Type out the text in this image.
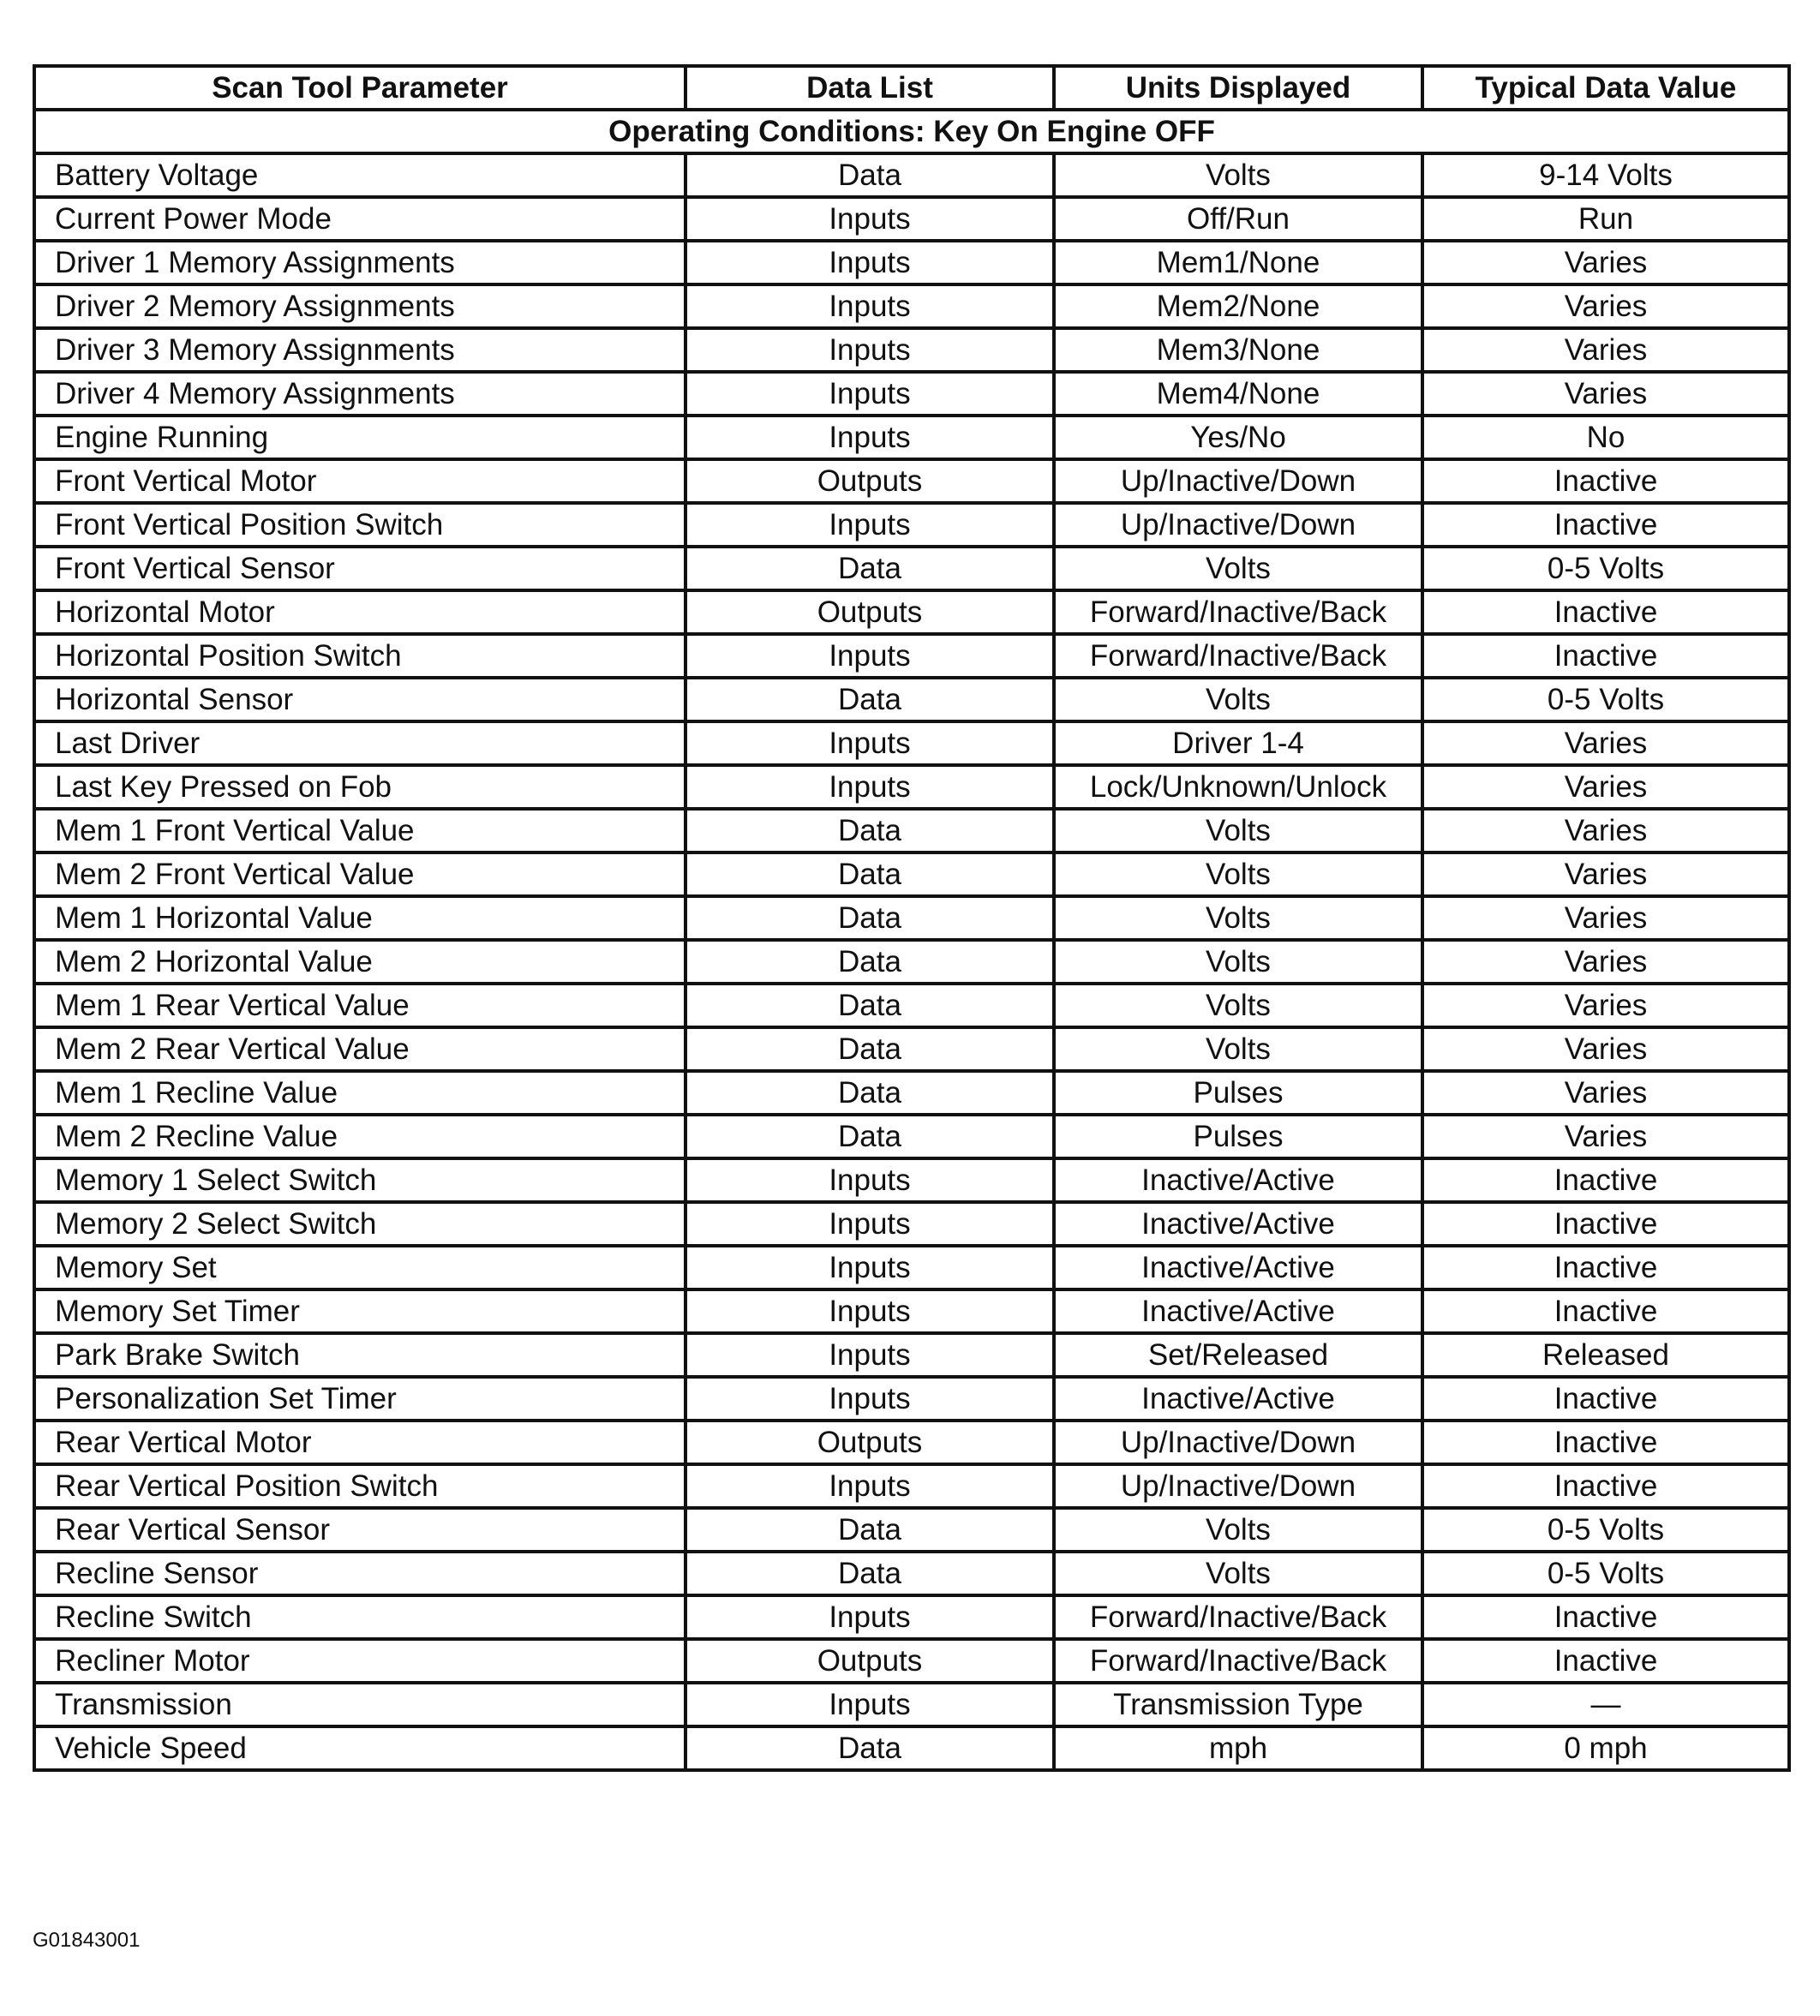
Scan Tool Parameter	Data List	Units Displayed	Typical Data Value
Operating Conditions: Key On Engine OFF			
Battery Voltage	Data	Volts	9-14 Volts
Current Power Mode	Inputs	Off/Run	Run
Driver 1 Memory Assignments	Inputs	Mem1/None	Varies
Driver 2 Memory Assignments	Inputs	Mem2/None	Varies
Driver 3 Memory Assignments	Inputs	Mem3/None	Varies
Driver 4 Memory Assignments	Inputs	Mem4/None	Varies
Engine Running	Inputs	Yes/No	No
Front Vertical Motor	Outputs	Up/Inactive/Down	Inactive
Front Vertical Position Switch	Inputs	Up/Inactive/Down	Inactive
Front Vertical Sensor	Data	Volts	0-5 Volts
Horizontal Motor	Outputs	Forward/Inactive/Back	Inactive
Horizontal Position Switch	Inputs	Forward/Inactive/Back	Inactive
Horizontal Sensor	Data	Volts	0-5 Volts
Last Driver	Inputs	Driver 1-4	Varies
Last Key Pressed on Fob	Inputs	Lock/Unknown/Unlock	Varies
Mem 1 Front Vertical Value	Data	Volts	Varies
Mem 2 Front Vertical Value	Data	Volts	Varies
Mem 1 Horizontal Value	Data	Volts	Varies
Mem 2 Horizontal Value	Data	Volts	Varies
Mem 1 Rear Vertical Value	Data	Volts	Varies
Mem 2 Rear Vertical Value	Data	Volts	Varies
Mem 1 Recline Value	Data	Pulses	Varies
Mem 2 Recline Value	Data	Pulses	Varies
Memory 1 Select Switch	Inputs	Inactive/Active	Inactive
Memory 2 Select Switch	Inputs	Inactive/Active	Inactive
Memory Set	Inputs	Inactive/Active	Inactive
Memory Set Timer	Inputs	Inactive/Active	Inactive
Park Brake Switch	Inputs	Set/Released	Released
Personalization Set Timer	Inputs	Inactive/Active	Inactive
Rear Vertical Motor	Outputs	Up/Inactive/Down	Inactive
Rear Vertical Position Switch	Inputs	Up/Inactive/Down	Inactive
Rear Vertical Sensor	Data	Volts	0-5 Volts
Recline Sensor	Data	Volts	0-5 Volts
Recline Switch	Inputs	Forward/Inactive/Back	Inactive
Recliner Motor	Outputs	Forward/Inactive/Back	Inactive
Transmission	Inputs	Transmission Type	—
Vehicle Speed	Data	mph	0 mph
G01843001
